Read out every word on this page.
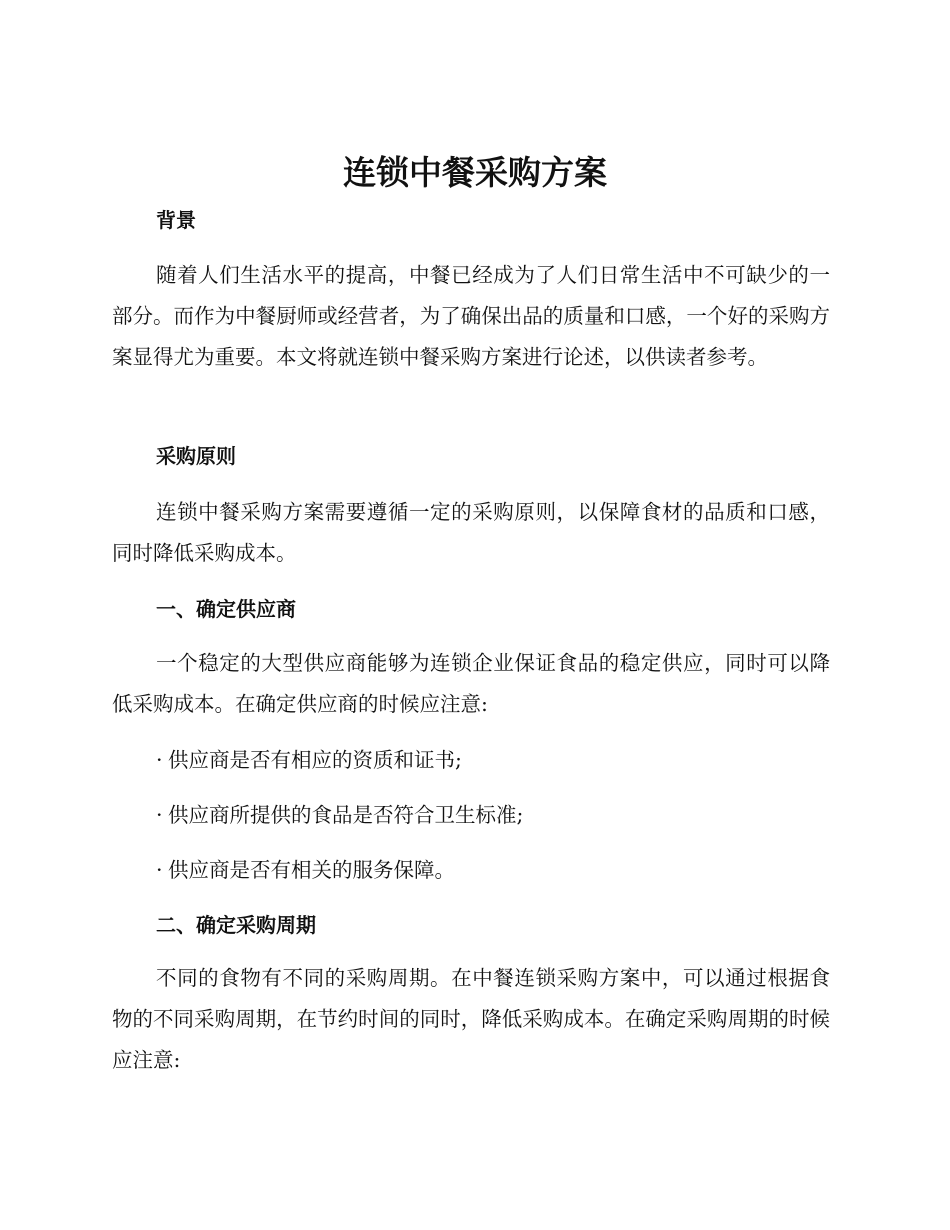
连锁中餐采购方案
背景

随着人们生活水平的提高，中餐已经成为了人们日常生活中不可缺少的一部分。而作为中餐厨师或经营者，为了确保出品的质量和口感，一个好的采购方案显得尤为重要。本文将就连锁中餐采购方案进行论述，以供读者参考。

采购原则

连锁中餐采购方案需要遵循一定的采购原则，以保障食材的品质和口感，同时降低采购成本。

一、确定供应商

一个稳定的大型供应商能够为连锁企业保证食品的稳定供应，同时可以降低采购成本。在确定供应商的时候应注意:

· 供应商是否有相应的资质和证书;

· 供应商所提供的食品是否符合卫生标准;

· 供应商是否有相关的服务保障。

二、确定采购周期

不同的食物有不同的采购周期。在中餐连锁采购方案中，可以通过根据食物的不同采购周期，在节约时间的同时，降低采购成本。在确定采购周期的时候应注意:
